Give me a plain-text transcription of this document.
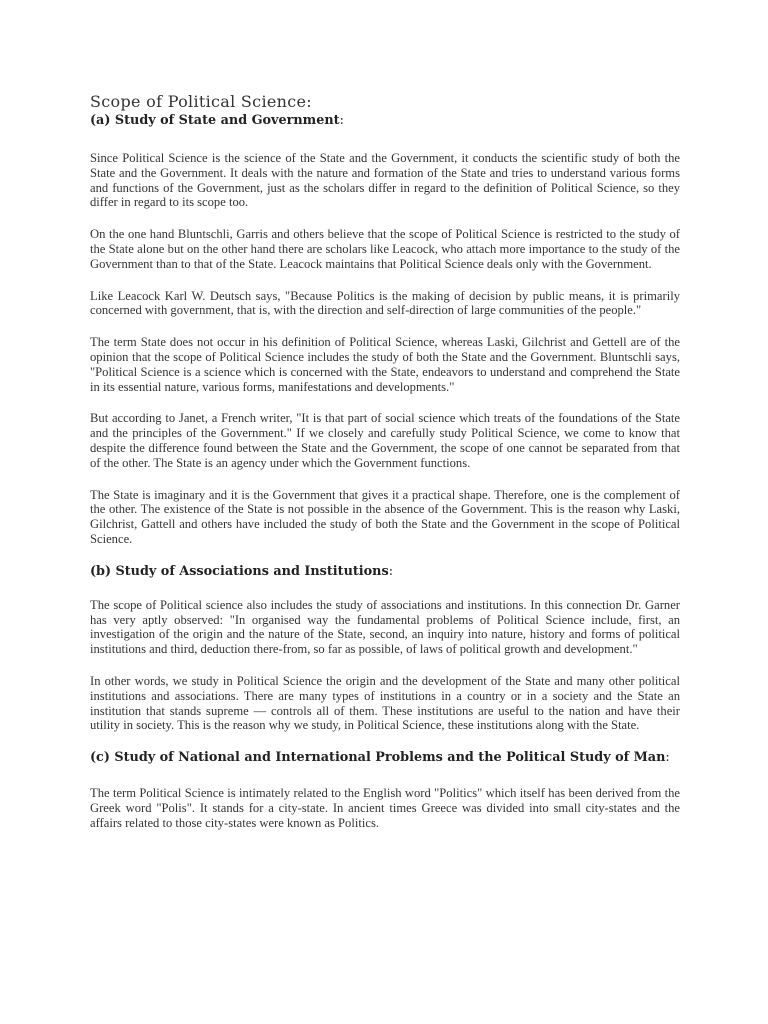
Scope of Political Science:
(a) Study of State and Government:

Since Political Science is the science of the State and the Government, it conducts the scientific study of both the State and the Government. It deals with the nature and formation of the State and tries to understand various forms and functions of the Government, just as the scholars differ in regard to the definition of Political Science, so they differ in regard to its scope too.

On the one hand Bluntschli, Garris and others believe that the scope of Political Science is restricted to the study of the State alone but on the other hand there are scholars like Leacock, who attach more importance to the study of the Government than to that of the State. Leacock maintains that Political Science deals only with the Government.

Like Leacock Karl W. Deutsch says, "Because Politics is the making of decision by public means, it is primarily concerned with government, that is, with the direction and self-direction of large communities of the people."

The term State does not occur in his definition of Political Science, whereas Laski, Gilchrist and Gettell are of the opinion that the scope of Political Science includes the study of both the State and the Government. Bluntschli says, "Political Science is a science which is concerned with the State, endeavors to understand and comprehend the State in its essential nature, various forms, manifestations and developments."

But according to Janet, a French writer, "It is that part of social science which treats of the foundations of the State and the principles of the Government." If we closely and carefully study Political Science, we come to know that despite the difference found between the State and the Government, the scope of one cannot be separated from that of the other. The State is an agency under which the Government functions.

The State is imaginary and it is the Government that gives it a practical shape. Therefore, one is the complement of the other. The existence of the State is not possible in the absence of the Government. This is the reason why Laski, Gilchrist, Gattell and others have included the study of both the State and the Government in the scope of Political Science.

(b) Study of Associations and Institutions:

The scope of Political science also includes the study of associations and institutions. In this connection Dr. Garner has very aptly observed: "In organised way the fundamental problems of Political Science include, first, an investigation of the origin and the nature of the State, second, an inquiry into nature, history and forms of political institutions and third, deduction there-from, so far as possible, of laws of political growth and development."

In other words, we study in Political Science the origin and the development of the State and many other political institutions and associations. There are many types of institutions in a country or in a society and the State an institution that stands supreme — controls all of them. These institutions are useful to the nation and have their utility in society. This is the reason why we study, in Political Science, these institutions along with the State.

(c) Study of National and International Problems and the Political Study of Man:

The term Political Science is intimately related to the English word "Politics" which itself has been derived from the Greek word "Polis". It stands for a city-state. In ancient times Greece was divided into small city-states and the affairs related to those city-states were known as Politics.
